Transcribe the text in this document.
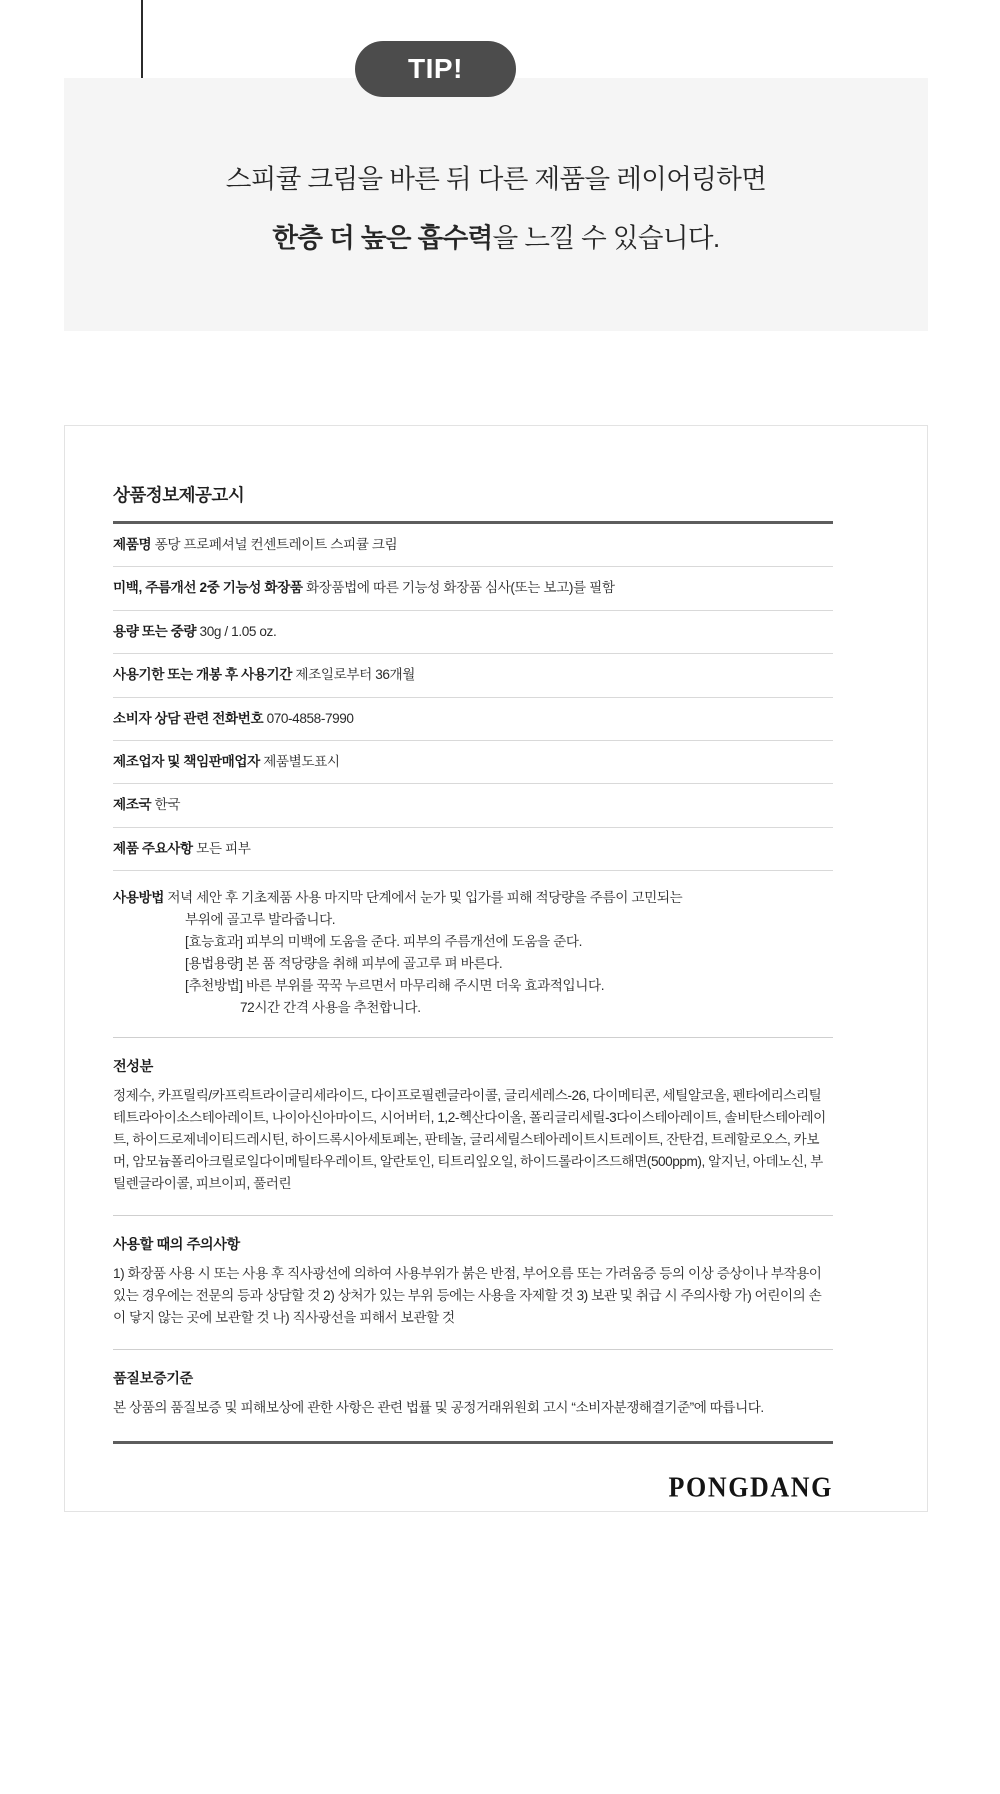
TIP!
스피큘 크림을 바른 뒤 다른 제품을 레이어링하면
한층 더 높은 흡수력을 느낄 수 있습니다.
상품정보제공고시
제품명 퐁당 프로페셔널 컨센트레이트 스피큘 크림
미백, 주름개선 2중 기능성 화장품 화장품법에 따른 기능성 화장품 심사(또는 보고)를 필함
용량 또는 중량 30g / 1.05 oz.
사용기한 또는 개봉 후 사용기간 제조일로부터 36개월
소비자 상담 관련 전화번호 070-4858-7990
제조업자 및 책임판매업자 제품별도표시
제조국 한국
제품 주요사항 모든 피부
사용방법 저녁 세안 후 기초제품 사용 마지막 단계에서 눈가 및 입가를 피해 적당량을 주름이 고민되는
부위에 골고루 발라줍니다.
[효능효과] 피부의 미백에 도움을 준다. 피부의 주름개선에 도움을 준다.
[용법용량] 본 품 적당량을 취해 피부에 골고루 펴 바른다.
[추천방법] 바른 부위를 꾹꾹 누르면서 마무리해 주시면 더욱 효과적입니다.
72시간 간격 사용을 추천합니다.
전성분
정제수, 카프릴릭/카프릭트라이글리세라이드, 다이프로필렌글라이콜, 글리세레스-26, 다이메티콘, 세틸알코올, 펜타에리스리틸테트라아이소스테아레이트, 나이아신아마이드, 시어버터, 1,2-헥산다이올, 폴리글리세릴-3다이스테아레이트, 솔비탄스테아레이트, 하이드로제네이티드레시틴, 하이드록시아세토페논, 판테놀, 글리세릴스테아레이트시트레이트, 잔탄검, 트레할로오스, 카보머, 암모늄폴리아크릴로일다이메틸타우레이트, 알란토인, 티트리잎오일, 하이드롤라이즈드해면(500ppm), 알지닌, 아데노신, 부틸렌글라이콜, 피브이피, 풀러린
사용할 때의 주의사항
1) 화장품 사용 시 또는 사용 후 직사광선에 의하여 사용부위가 붉은 반점, 부어오름 또는 가려움증 등의 이상 증상이나 부작용이 있는 경우에는 전문의 등과 상담할 것 2) 상처가 있는 부위 등에는 사용을 자제할 것 3) 보관 및 취급 시 주의사항 가) 어린이의 손이 닿지 않는 곳에 보관할 것 나) 직사광선을 피해서 보관할 것
품질보증기준
본 상품의 품질보증 및 피해보상에 관한 사항은 관련 법률 및 공정거래위원회 고시 “소비자분쟁해결기준”에 따릅니다.
PONGDANG
